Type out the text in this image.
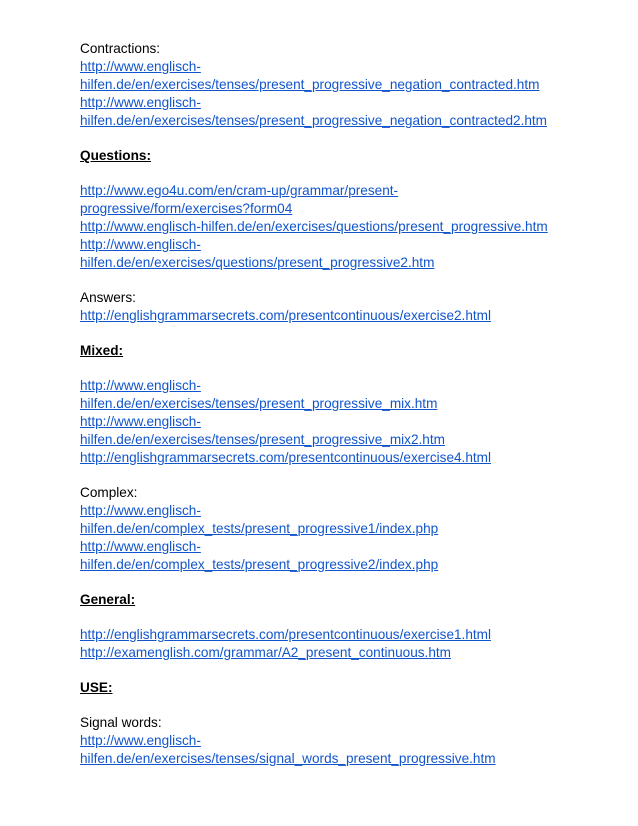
Contractions:
http://www.englisch-
hilfen.de/en/exercises/tenses/present_progressive_negation_contracted.htm
http://www.englisch-
hilfen.de/en/exercises/tenses/present_progressive_negation_contracted2.htm
Questions:
http://www.ego4u.com/en/cram-up/grammar/present-
progressive/form/exercises?form04
http://www.englisch-hilfen.de/en/exercises/questions/present_progressive.htm
http://www.englisch-
hilfen.de/en/exercises/questions/present_progressive2.htm
Answers:
http://englishgrammarsecrets.com/presentcontinuous/exercise2.html
Mixed:
http://www.englisch-
hilfen.de/en/exercises/tenses/present_progressive_mix.htm
http://www.englisch-
hilfen.de/en/exercises/tenses/present_progressive_mix2.htm
http://englishgrammarsecrets.com/presentcontinuous/exercise4.html
Complex:
http://www.englisch-
hilfen.de/en/complex_tests/present_progressive1/index.php
http://www.englisch-
hilfen.de/en/complex_tests/present_progressive2/index.php
General:
http://englishgrammarsecrets.com/presentcontinuous/exercise1.html
http://examenglish.com/grammar/A2_present_continuous.htm
USE:
Signal words:
http://www.englisch-
hilfen.de/en/exercises/tenses/signal_words_present_progressive.htm
